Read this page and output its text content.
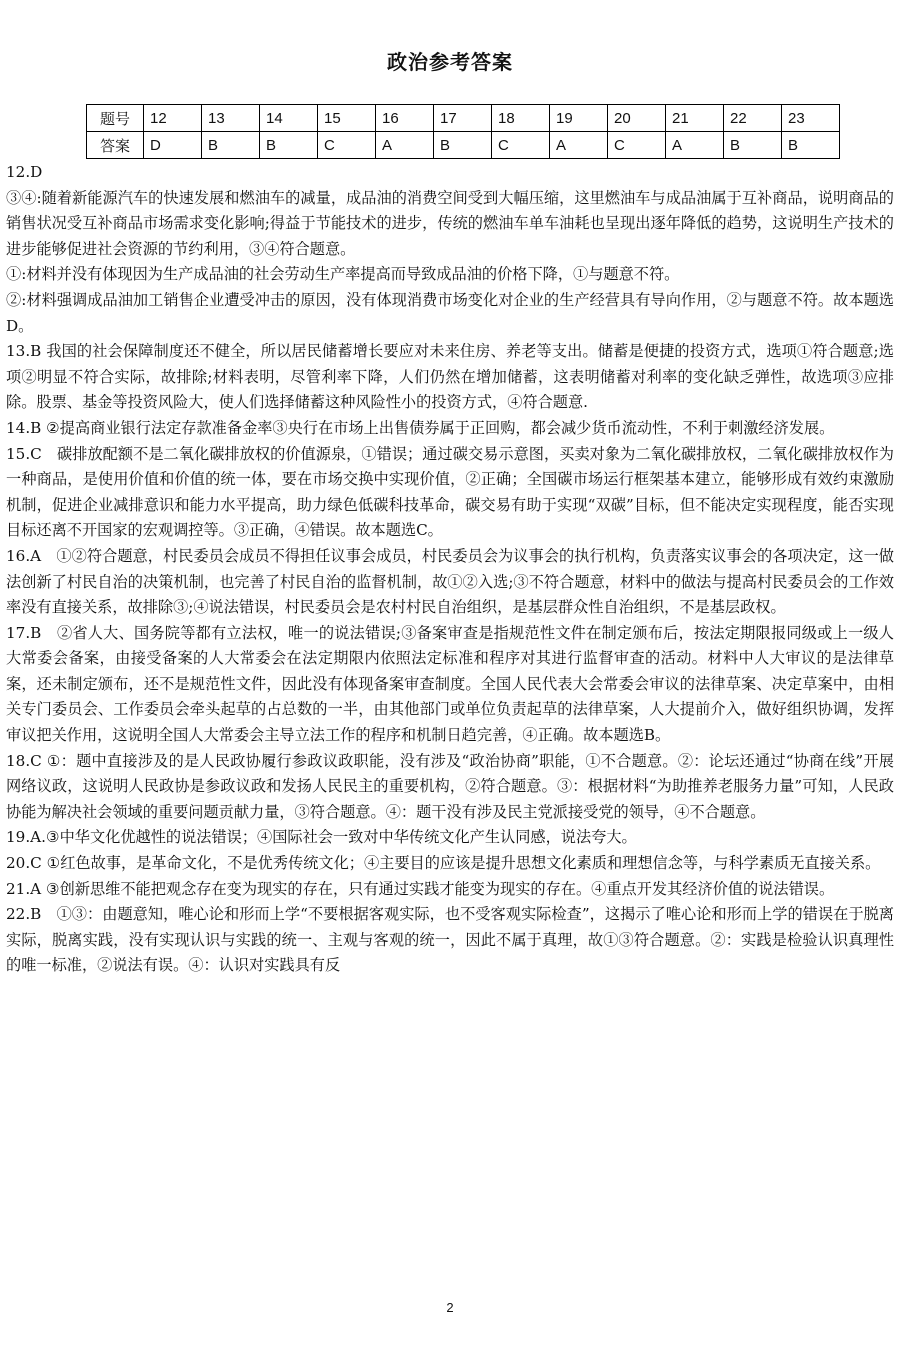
政治参考答案
题号	12	13	14	15	16	17	18	19	20	21	22	23
答案	D	B	B	C	A	B	C	A	C	A	B	B

12.D

③④:随着新能源汽车的快速发展和燃油车的减量，成品油的消费空间受到大幅压缩，这里燃油车与成品油属于互补商品，说明商品的销售状况受互补商品市场需求变化影响;得益于节能技术的进步，传统的燃油车单车油耗也呈现出逐年降低的趋势，这说明生产技术的进步能够促进社会资源的节约利用，③④符合题意。

①:材料并没有体现因为生产成品油的社会劳动生产率提高而导致成品油的价格下降，①与题意不符。

②:材料强调成品油加工销售企业遭受冲击的原因，没有体现消费市场变化对企业的生产经营具有导向作用，②与题意不符。故本题选D。

13.B 我国的社会保障制度还不健全，所以居民储蓄增长要应对未来住房、养老等支出。储蓄是便捷的投资方式，选项①符合题意;选项②明显不符合实际，故排除;材料表明，尽管利率下降，人们仍然在增加储蓄，这表明储蓄对利率的变化缺乏弹性，故选项③应排除。股票、基金等投资风险大，使人们选择储蓄这种风险性小的投资方式，④符合题意.

14.B ②提高商业银行法定存款准备金率③央行在市场上出售债券属于正回购，都会减少货币流动性，不利于刺激经济发展。

15.C　碳排放配额不是二氧化碳排放权的价值源泉，①错误；通过碳交易示意图，买卖对象为二氧化碳排放权，二氧化碳排放权作为一种商品，是使用价值和价值的统一体，要在市场交换中实现价值，②正确；全国碳市场运行框架基本建立，能够形成有效约束激励机制，促进企业减排意识和能力水平提高，助力绿色低碳科技革命，碳交易有助于实现“双碳”目标，但不能决定实现程度，能否实现目标还离不开国家的宏观调控等。③正确，④错误。故本题选C。

16.A　①②符合题意，村民委员会成员不得担任议事会成员，村民委员会为议事会的执行机构，负责落实议事会的各项决定，这一做法创新了村民自治的决策机制，也完善了村民自治的监督机制，故①②入选;③不符合题意，材料中的做法与提高村民委员会的工作效率没有直接关系，故排除③;④说法错误，村民委员会是农村村民自治组织，是基层群众性自治组织，不是基层政权。

17.B　②省人大、国务院等都有立法权，唯一的说法错误;③备案审查是指规范性文件在制定颁布后，按法定期限报同级或上一级人大常委会备案，由接受备案的人大常委会在法定期限内依照法定标准和程序对其进行监督审查的活动。材料中人大审议的是法律草案，还未制定颁布，还不是规范性文件，因此没有体现备案审查制度。全国人民代表大会常委会审议的法律草案、决定草案中，由相关专门委员会、工作委员会牵头起草的占总数的一半，由其他部门或单位负责起草的法律草案，人大提前介入，做好组织协调，发挥审议把关作用，这说明全国人大常委会主导立法工作的程序和机制日趋完善，④正确。故本题选B。

18.C ①：题中直接涉及的是人民政协履行参政议政职能，没有涉及“政治协商”职能，①不合题意。②：论坛还通过“协商在线”开展网络议政，这说明人民政协是参政议政和发扬人民民主的重要机构，②符合题意。③：根据材料“为助推养老服务力量”可知，人民政协能为解决社会领域的重要问题贡献力量，③符合题意。④：题干没有涉及民主党派接受党的领导，④不合题意。

19.A.③中华文化优越性的说法错误；④国际社会一致对中华传统文化产生认同感，说法夸大。

20.C ①红色故事，是革命文化，不是优秀传统文化；④主要目的应该是提升思想文化素质和理想信念等，与科学素质无直接关系。

21.A ③创新思维不能把观念存在变为现实的存在，只有通过实践才能变为现实的存在。④重点开发其经济价值的说法错误。

22.B　①③：由题意知，唯心论和形而上学“不要根据客观实际，也不受客观实际检查”，这揭示了唯心论和形而上学的错误在于脱离实际，脱离实践，没有实现认识与实践的统一、主观与客观的统一，因此不属于真理，故①③符合题意。②：实践是检验认识真理性的唯一标准，②说法有误。④：认识对实践具有反

2
